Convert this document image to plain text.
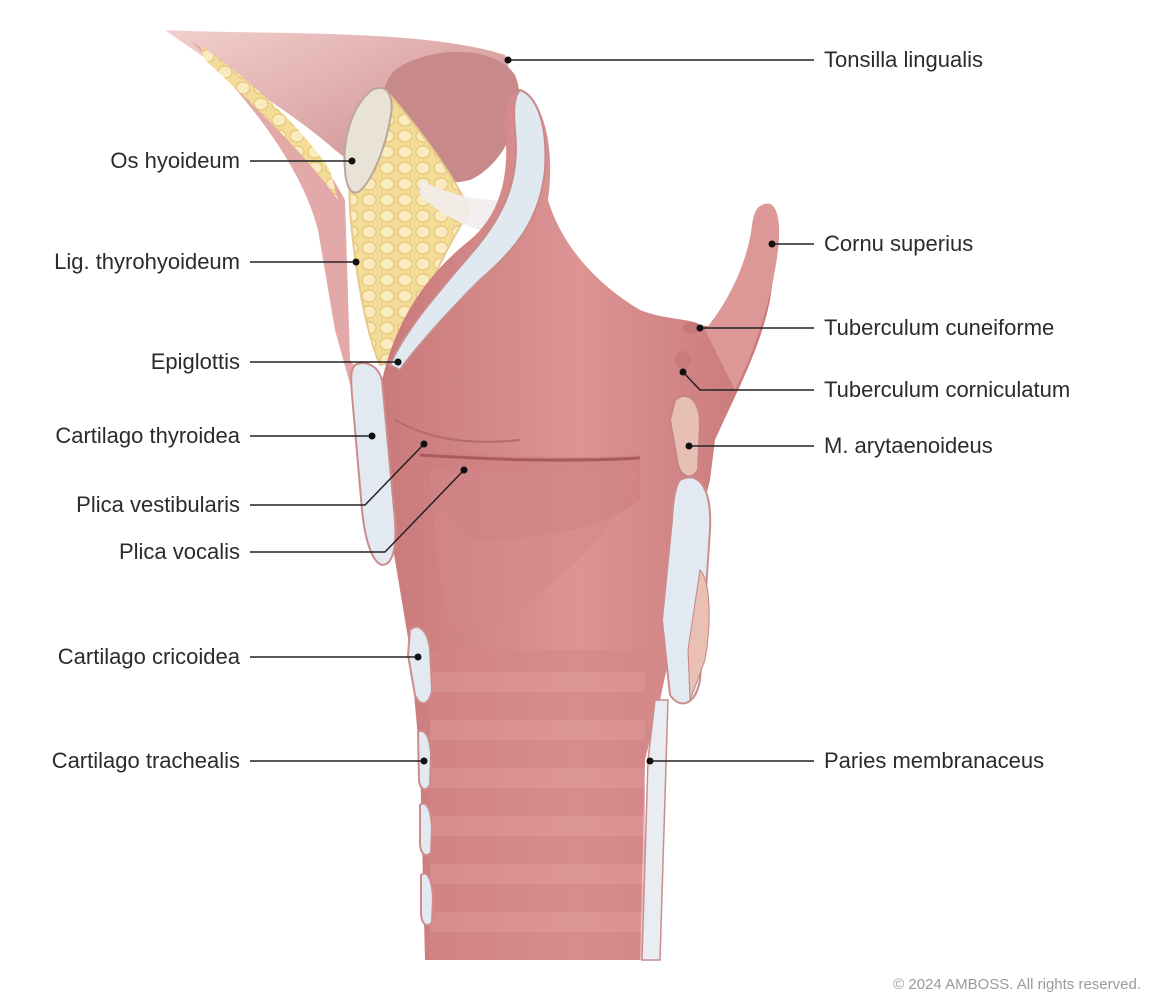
Os hyoideum
Lig. thyrohyoideum
Epiglottis
Cartilago thyroidea
Plica vestibularis
Plica vocalis
Cartilago cricoidea
Cartilago trachealis
Tonsilla lingualis
Cornu superius
Tuberculum cuneiforme
Tuberculum corniculatum
M. arytaenoideus
Paries membranaceus
© 2024 AMBOSS. All rights reserved.
